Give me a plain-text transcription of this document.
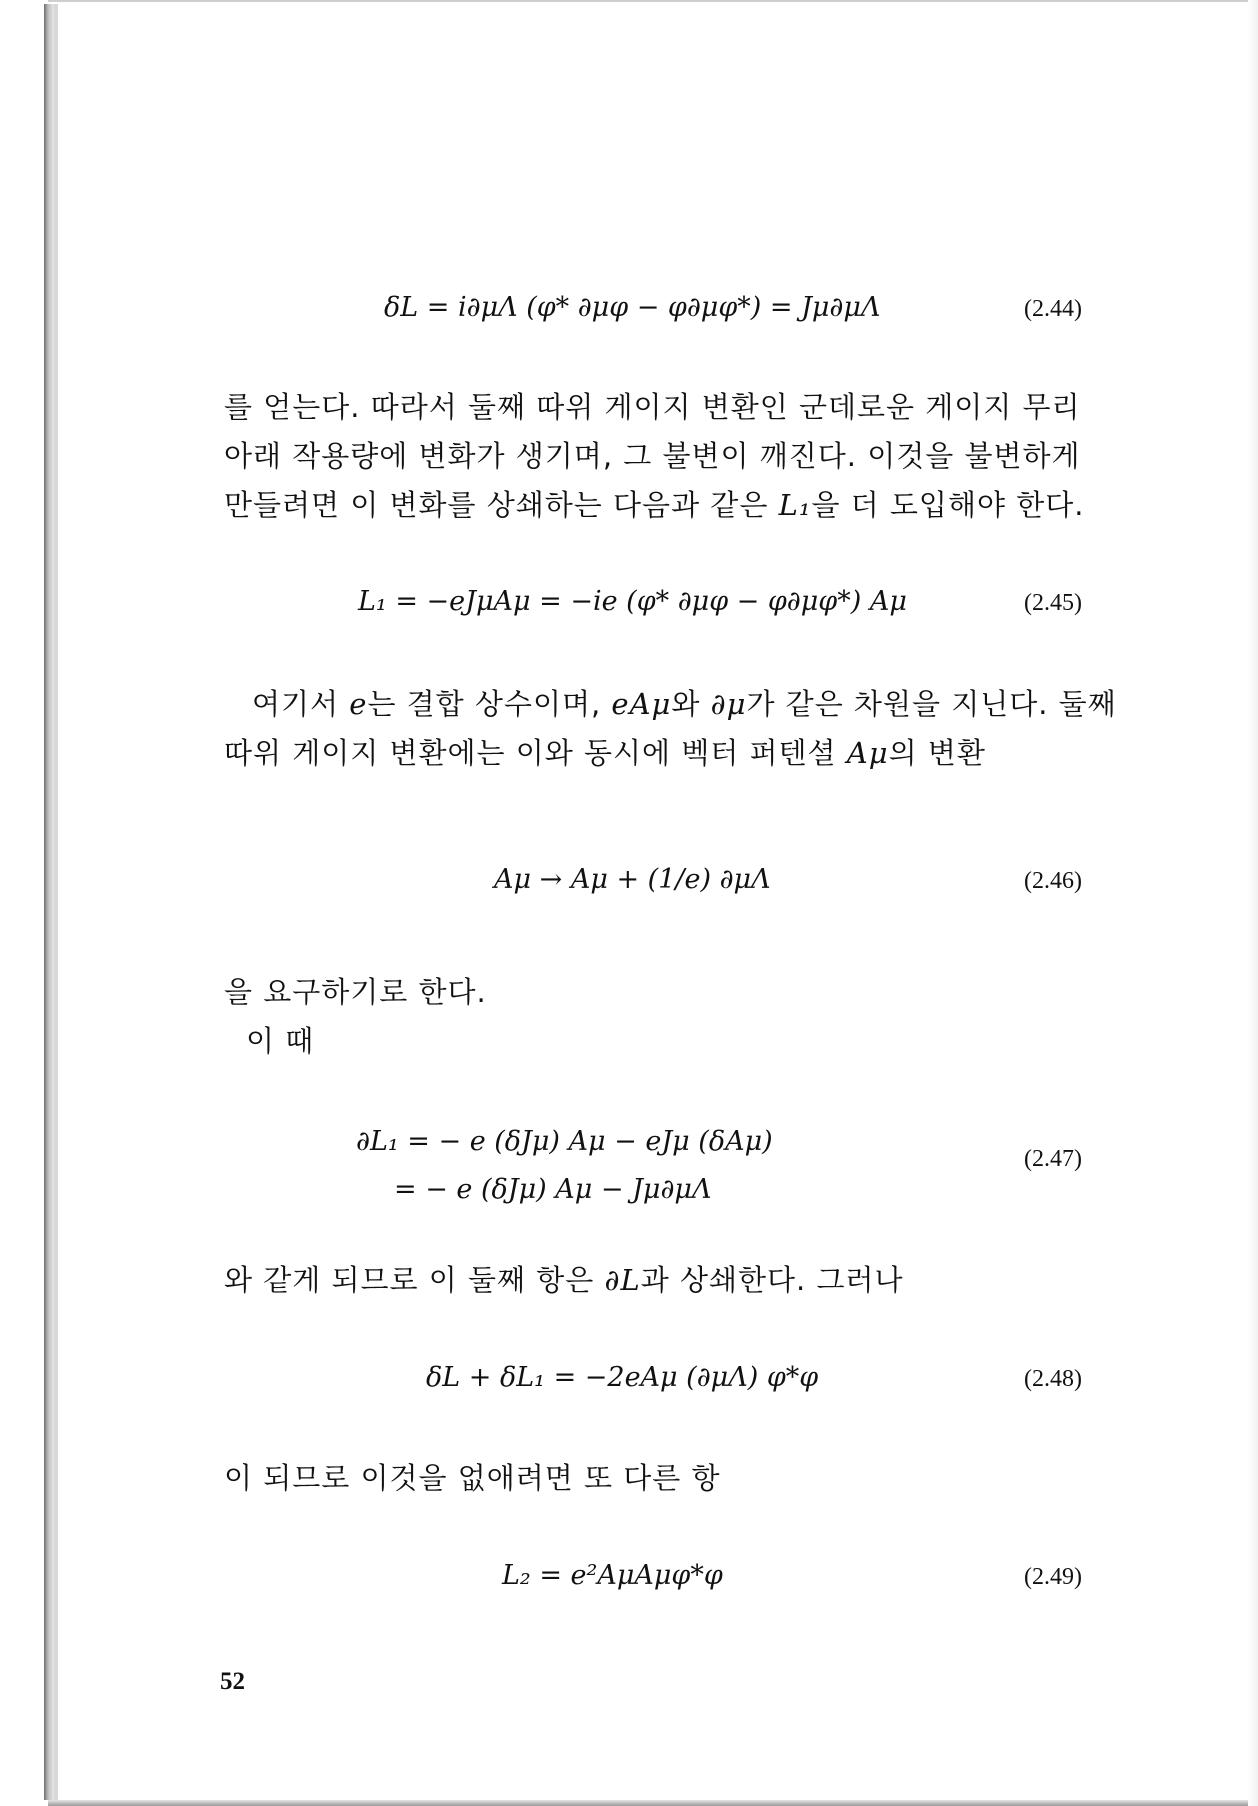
δL = i∂μΛ (φ* ∂μφ − φ∂μφ*) = Jμ∂μΛ	(2.44)
를 얻는다. 따라서 둘째 따위 게이지 변환인 군데로운 게이지 무리
아래 작용량에 변화가 생기며, 그 불변이 깨진다. 이것을 불변하게
만들려면 이 변화를 상쇄하는 다음과 같은 L₁을 더 도입해야 한다.
L₁ = −eJμAμ = −ie (φ* ∂μφ − φ∂μφ*) Aμ	(2.45)
여기서 e는 결합 상수이며, eAμ와 ∂μ가 같은 차원을 지닌다. 둘째
따위 게이지 변환에는 이와 동시에 벡터 퍼텐셜 Aμ의 변환
Aμ → Aμ + (1/e) ∂μΛ	(2.46)
을 요구하기로 한다.
이 때
∂L₁ = − e (δJμ) Aμ − eJμ (δAμ)
= − e (δJμ) Aμ − Jμ∂μΛ
(2.47)
와 같게 되므로 이 둘째 항은 ∂L과 상쇄한다. 그러나
δL + δL₁ = −2eAμ (∂μΛ) φ*φ	(2.48)
이 되므로 이것을 없애려면 또 다른 항
L₂ = e²AμAμφ*φ	(2.49)
52
